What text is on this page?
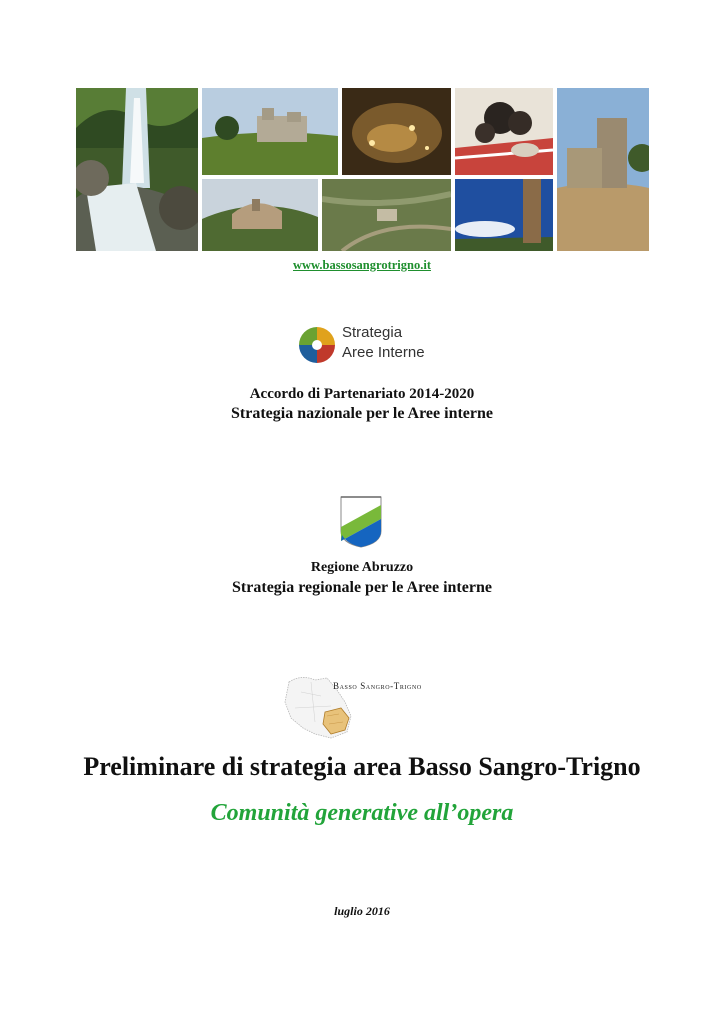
www.bassosangrotrigno.it
Strategia
Aree Interne
Accordo di Partenariato 2014-2020
Strategia nazionale per le Aree interne
Regione Abruzzo
Strategia regionale per le Aree interne
Basso Sangro-Trigno
Preliminare di strategia area Basso Sangro-Trigno
Comunità generative all’opera
luglio 2016
